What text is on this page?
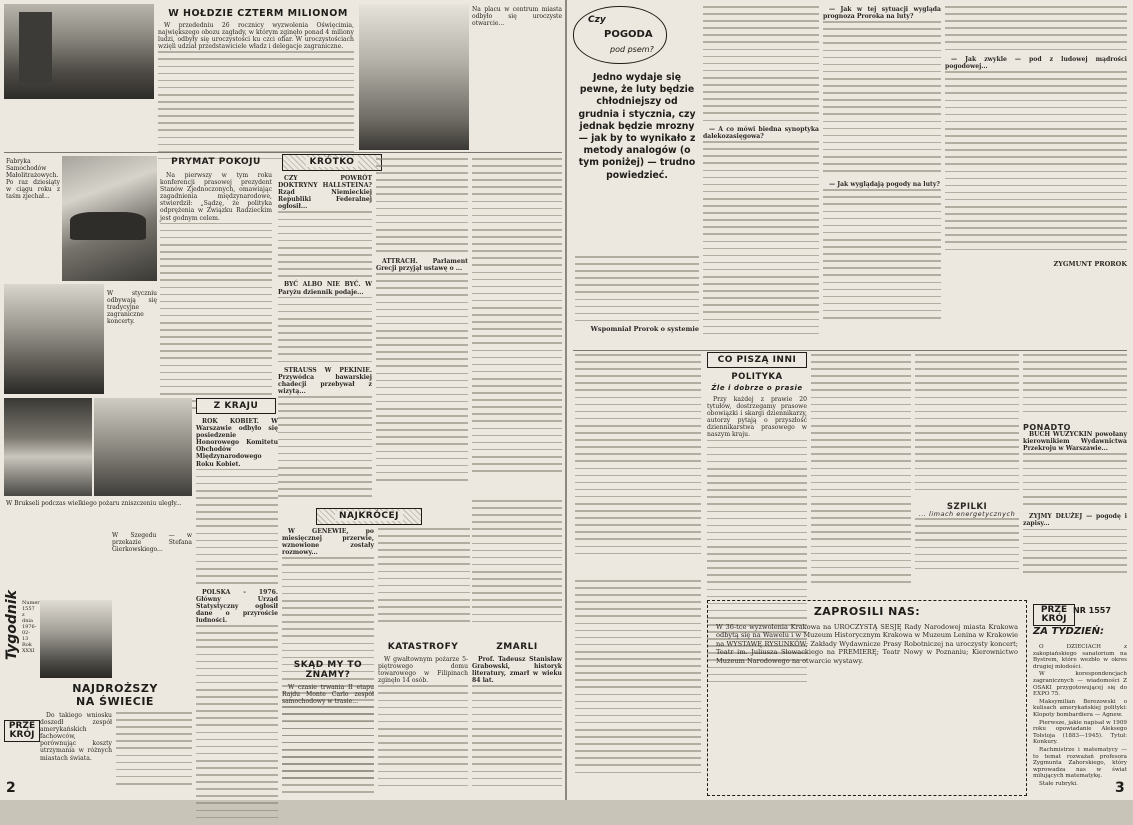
W HOŁDZIE CZTERM MILIONOM

W przededniu 26 rocznicy wyzwolenia Oświęcimia, największego obozu zagłady, w którym zginęło ponad 4 miliony ludzi, odbyły się uroczystości ku czci ofiar. W uroczystościach wzięli udział przedstawiciele władz i delegacje zagraniczne.

Na placu w centrum miasta odbyło się uroczyste otwarcie...
Fabryka Samochodów Małolitrażowych. Po raz dziesiąty w ciągu roku z taśm zjechał...
PRYMAT POKOJU

Na pierwszy w tym roku konferencji prasowej prezydent Stanów Zjednoczonych, omawiając zagadnienia międzynarodowe, stwierdził: „Sądzę, że polityka odprężenia w Związku Radzieckim jest godnym celem.

KRÓTKO

CZY POWRÓT DOKTRYNY HALLSTEINA? Rząd Niemieckiej Republiki Federalnej ogłosił...

BYĆ ALBO NIE BYĆ. W Paryżu dziennik podaje...

STRAUSS W PEKINIE. Przywódca bawarskiej chadecji przebywał z wizytą...

ATTRACH. Parlament Grecji przyjął ustawę o ...

W styczniu odbywają się tradycyjne zagraniczne koncerty.
Z KRAJU

ROK KOBIET. W Warszawie odbyło się posiedzenie Honorowego Komitetu Obchodów Międzynarodowego Roku Kobiet.

POLSKA - 1976. Główny Urząd Statystyczny ogłosił dane o przyroście ludności.

W Brukseli podczas wielkiego pożaru zniszczeniu uległy...
NAJKRÓCEJ

W GENEWIE, po miesięcznej przerwie, wznowione zostały rozmowy...

W Szegedu — w przekazie Stefana Gierkowskiego...
Tygodnik Numer 1557 z dnia 1976-02-13 Rok XXXI	KATASTROFY

W gwałtownym pożarze 5-piętrowego domu towarowego w Filipinach zginęło 14 osób.

ZMARLI

Prof. Tadeusz Stanisław Grabowski, historyk literatury, zmarł w wieku 84 lat.

SKĄD MY TO ZNAMY?

W czasie trwania II etapu Rajdu Monte Carlo zespół samochodowy w trasie...

NAJDROŻSZY
NA ŚWIECIE

Do takiego wniosku doszedł zespół amerykańskich fachowców, porównując koszty utrzymania w różnych miastach świata.

PRZE
KRÓJ
2
Czy
POGODA
pod psem?
Jedno wydaje się pewne, że luty będzie chłodniejszy od grudnia i stycznia, czy jednak będzie mrozny — jak by to wynikało z metody analogów (o tym poniżej) — trudno powiedzieć.
Wspomniał Prorok o systemie

— A co mówi biedna synoptyka dalekozasięgowa?

— Jak w tej sytuacji wygląda prognoza Proroka na luty?

— Jak wyglądają pogody na luty?

— Jak zwykle — pod z ludowej mądrości pogodowej...

ZYGMUNT PROROK
CO PISZĄ INNI
POLITYKA
Źle i dobrze o prasie

Przy każdej z prawie 20 tytułów, dostrzegamy prasowe obowiązki i skargi dziennikarzy, autorzy pytają o przyszłość dziennikarstwa prasowego w naszym kraju.

SZPILKI
... limach energetycznych
PONADTO

BUCH WUZYCKIN powołany kierownikiem Wydawnictwa Przekroju w Warszawie...

ZYJMY DŁUŻEJ — pogodę i zapisy...

ZAPROSILI NAS:
W 36-tce wyzwolenia Krakowa na UROCZYSTĄ SESJĘ Rady Narodowej miasta Krakowa odbytą się na Wawelu i w Muzeum Historycznym Krakowa w Muzeum Lenina w Krakowie na WYSTAWĘ RYSUNKÓW; Zakłady Wydawnicze Prasy Robotniczej na uroczysty koncert; Teatr im. Juliusza Słowackiego na PREMIERĘ; Teatr Nowy w Poznaniu; Kierownictwo Muzeum Narodowego na otwarcie wystawy.
PRZE
KRÓJ
NR 1557
ZA TYDZIEŃ:

O DZIECIACH z zakopiańskiego sanatorium na Bystrem, które wezbło w okres drugiej młodości.

W korespondencjach zagranicznych — wiadomości Z OSAKI przygotowującej się do EXPO 75.

Maksymilian Berezowski o kulisach amerykańskiej polityki: Klopoty bombardiera — Agnew.

Pierwsze, jakie napisał w 1909 roku opowiadanie Aleksego Tołstoja (1883—1945). Tytuł: Konkury.

Rachmistrze i matematycy — to temat rozważań profesora Zygmunta Zahorskiego, który wprowadza nas w świat milujących matematykę.

Stałe rubryki.	3
